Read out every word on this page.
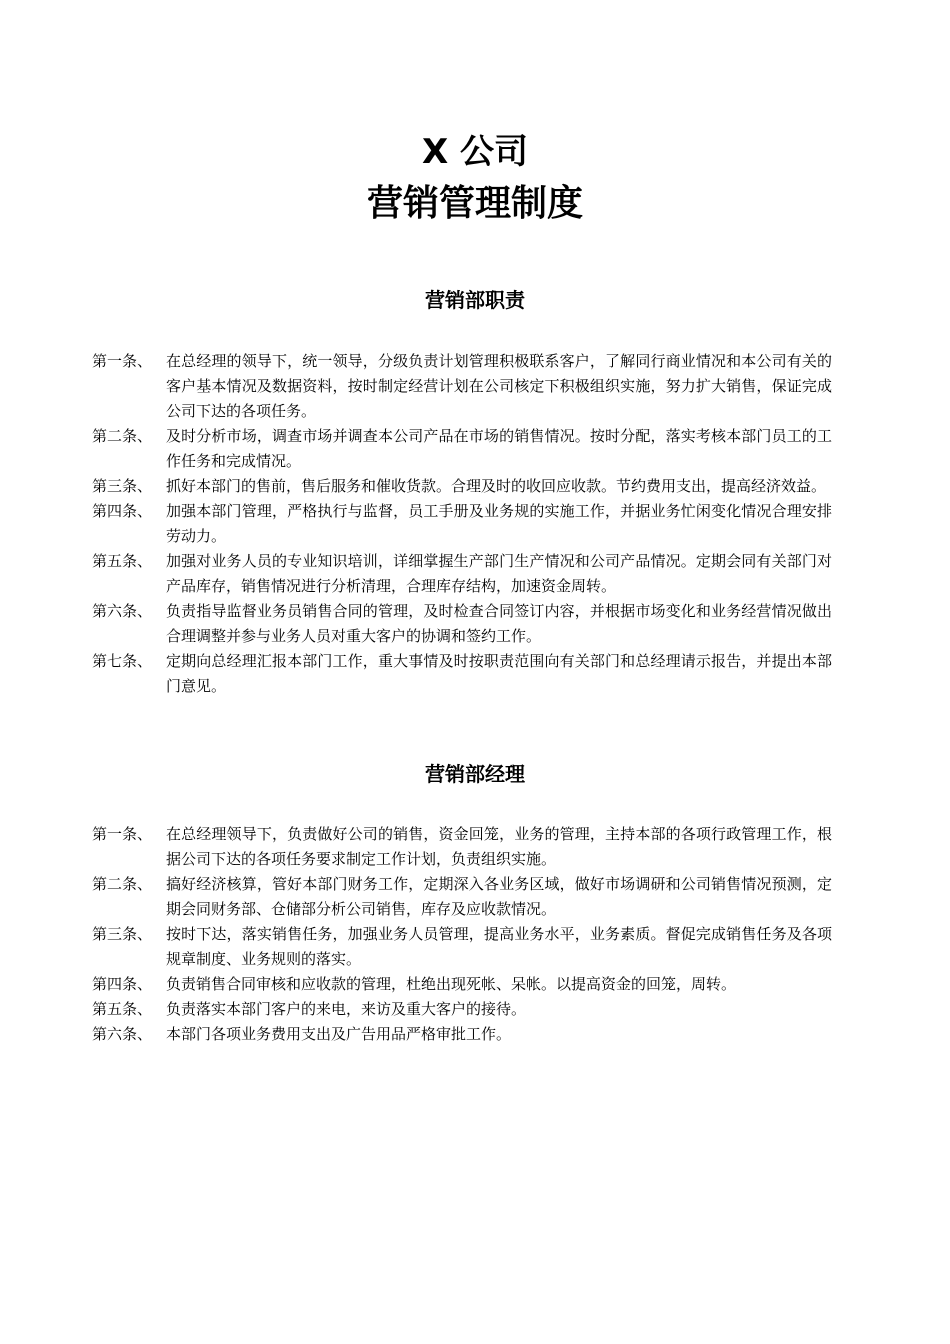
X 公司
营销管理制度
营销部职责
第一条、 在总经理的领导下，统一领导，分级负责计划管理积极联系客户，了解同行商业情况和本公司有关的客户基本情况及数据资料，按时制定经营计划在公司核定下积极组织实施，努力扩大销售，保证完成公司下达的各项任务。
第二条、 及时分析市场，调查市场并调查本公司产品在市场的销售情况。按时分配，落实考核本部门员工的工作任务和完成情况。
第三条、 抓好本部门的售前，售后服务和催收货款。合理及时的收回应收款。节约费用支出，提高经济效益。
第四条、 加强本部门管理，严格执行与监督，员工手册及业务规的实施工作，并据业务忙闲变化情况合理安排劳动力。
第五条、 加强对业务人员的专业知识培训，详细掌握生产部门生产情况和公司产品情况。定期会同有关部门对产品库存，销售情况进行分析清理，合理库存结构，加速资金周转。
第六条、 负责指导监督业务员销售合同的管理，及时检查合同签订内容，并根据市场变化和业务经营情况做出合理调整并参与业务人员对重大客户的协调和签约工作。
第七条、 定期向总经理汇报本部门工作，重大事情及时按职责范围向有关部门和总经理请示报告，并提出本部门意见。
营销部经理
第一条、 在总经理领导下，负责做好公司的销售，资金回笼，业务的管理，主持本部的各项行政管理工作，根据公司下达的各项任务要求制定工作计划，负责组织实施。
第二条、 搞好经济核算，管好本部门财务工作，定期深入各业务区域，做好市场调研和公司销售情况预测，定期会同财务部、仓储部分析公司销售，库存及应收款情况。
第三条、 按时下达，落实销售任务，加强业务人员管理，提高业务水平，业务素质。督促完成销售任务及各项规章制度、业务规则的落实。
第四条、 负责销售合同审核和应收款的管理，杜绝出现死帐、呆帐。以提高资金的回笼，周转。
第五条、 负责落实本部门客户的来电，来访及重大客户的接待。
第六条、 本部门各项业务费用支出及广告用品严格审批工作。
